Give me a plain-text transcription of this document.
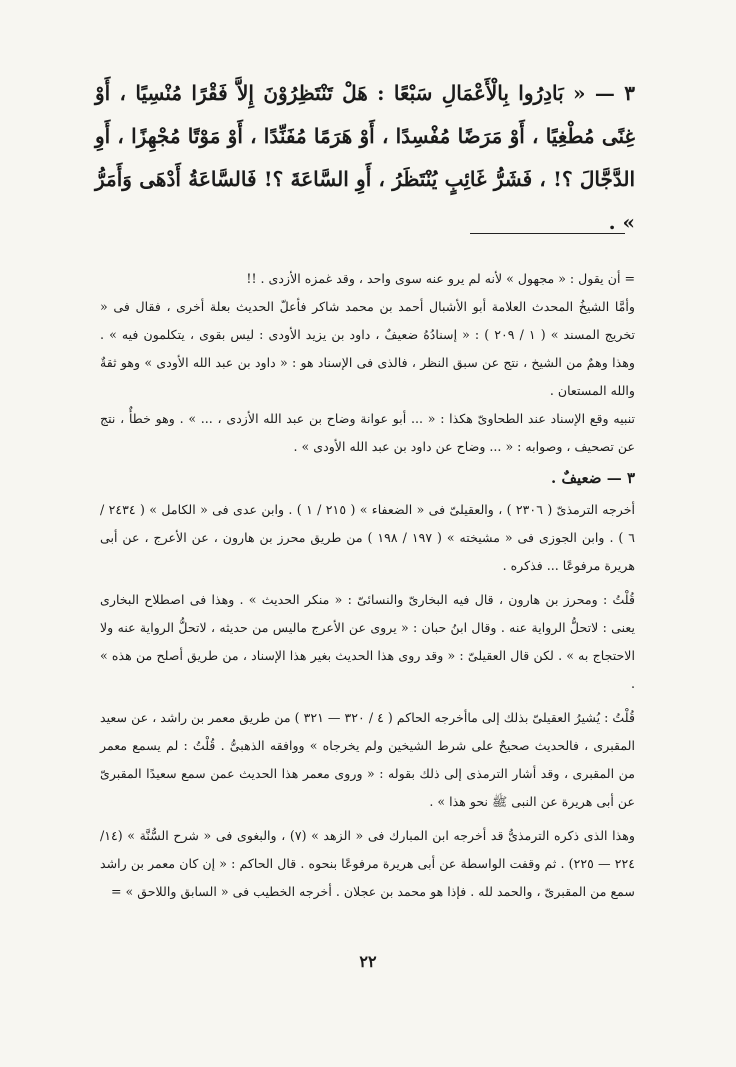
٣ — « بَادِرُوا بِالْأَعْمَالِ سَبْعًا : هَلْ تَنْتَظِرُوْنَ إِلاَّ فَقْرًا مُنْسِيًا ، أَوْ غِنًى مُطْغِيًا ، أَوْ مَرَضًا مُفْسِدًا ، أَوْ هَرَمًا مُفَنِّدًا ، أَوْ مَوْتًا مُجْهِزًا ، أَوِ الدَّجَّالَ ؟! ، فَشَرُّ غَائِبٍ يُنْتَظَرُ ، أَوِ السَّاعَةَ ؟! فَالسَّاعَةُ أَدْهَى وَأَمَرُّ » .

= أن يقول : « مجهول » لأنه لم يرو عنه سوى واحد ، وقد غمزه الأزدى . !!

وأمَّا الشيخُ المحدث العلامة أبو الأشبال أحمد بن محمد شاكر فأعلّ الحديث بعلة أخرى ، فقال فى « تخريج المسند » ( ١ / ٢٠٩ ) : « إسنادُهُ ضعيفٌ ، داود بن يزيد الأودى : ليس بقوى ، يتكلمون فيه » . وهذا وهمٌ من الشيخ ، نتج عن سبق النظر ، فالذى فى الإسناد هو : « داود بن عبد الله الأودى » وهو ثقةٌ والله المستعان .

تنبيه وقع الإسناد عند الطحاوىّ هكذا : « ... أبو عوانة وضاح بن عبد الله الأزدى ، ... » . وهو خطأٌ ، نتج عن تصحيف ، وصوابه : « ... وضاح عن داود بن عبد الله الأودى » .

٣ — ضعيفٌ .

أخرجه الترمذىّ ( ٢٣٠٦ ) ، والعقيلىّ فى « الضعفاء » ( ٢١٥ / ١ ) . وابن عدى فى « الكامل » ( ٢٤٣٤ / ٦ ) . وابن الجوزى فى « مشيخته » ( ١٩٧ / ١٩٨ ) من طريق محرز بن هارون ، عن الأعرج ، عن أبى هريرة مرفوعًا ... فذكره .

قُلْتُ : ومحرز بن هارون ، قال فيه البخارىّ والنسائىّ : « منكر الحديث » . وهذا فى اصطلاح البخارى يعنى : لاتحلُّ الرواية عنه . وقال ابنُ حبان : « يروى عن الأعرج ماليس من حديثه ، لاتحلُّ الرواية عنه ولا الاحتجاج به » . لكن قال العقيلىّ : « وقد روى هذا الحديث بغير هذا الإسناد ، من طريق أصلح من هذه » .

قُلْتُ : يُشيرُ العقيلىّ بذلك إلى ماأخرجه الحاكم ( ٤ / ٣٢٠ — ٣٢١ ) من طريق معمر بن راشد ، عن سعيد المقبرى ، فالحديث صحيحٌ على شرط الشيخين ولم يخرجاه » ووافقه الذهبىُّ . قُلْتُ : لم يسمع معمر من المقبرى ، وقد أشار الترمذى إلى ذلك بقوله : « وروى معمر هذا الحديث عمن سمع سعيدًا المقبرىّ عن أبى هريرة عن النبى ﷺ نحو هذا » .

وهذا الذى ذكره الترمذىُّ قد أخرجه ابن المبارك فى « الزهد » (٧) ، والبغوى فى « شرح السُّنَّة » (١٤/ ٢٢٤ — ٢٢٥) . ثم وقفت الواسطة عن أبى هريرة مرفوعًا بنحوه . قال الحاكم : « إن كان معمر بن راشد سمع من المقبرىّ ، والحمد لله . فإذا هو محمد بن عجلان . أخرجه الخطيب فى « السابق واللاحق » =

٢٢
